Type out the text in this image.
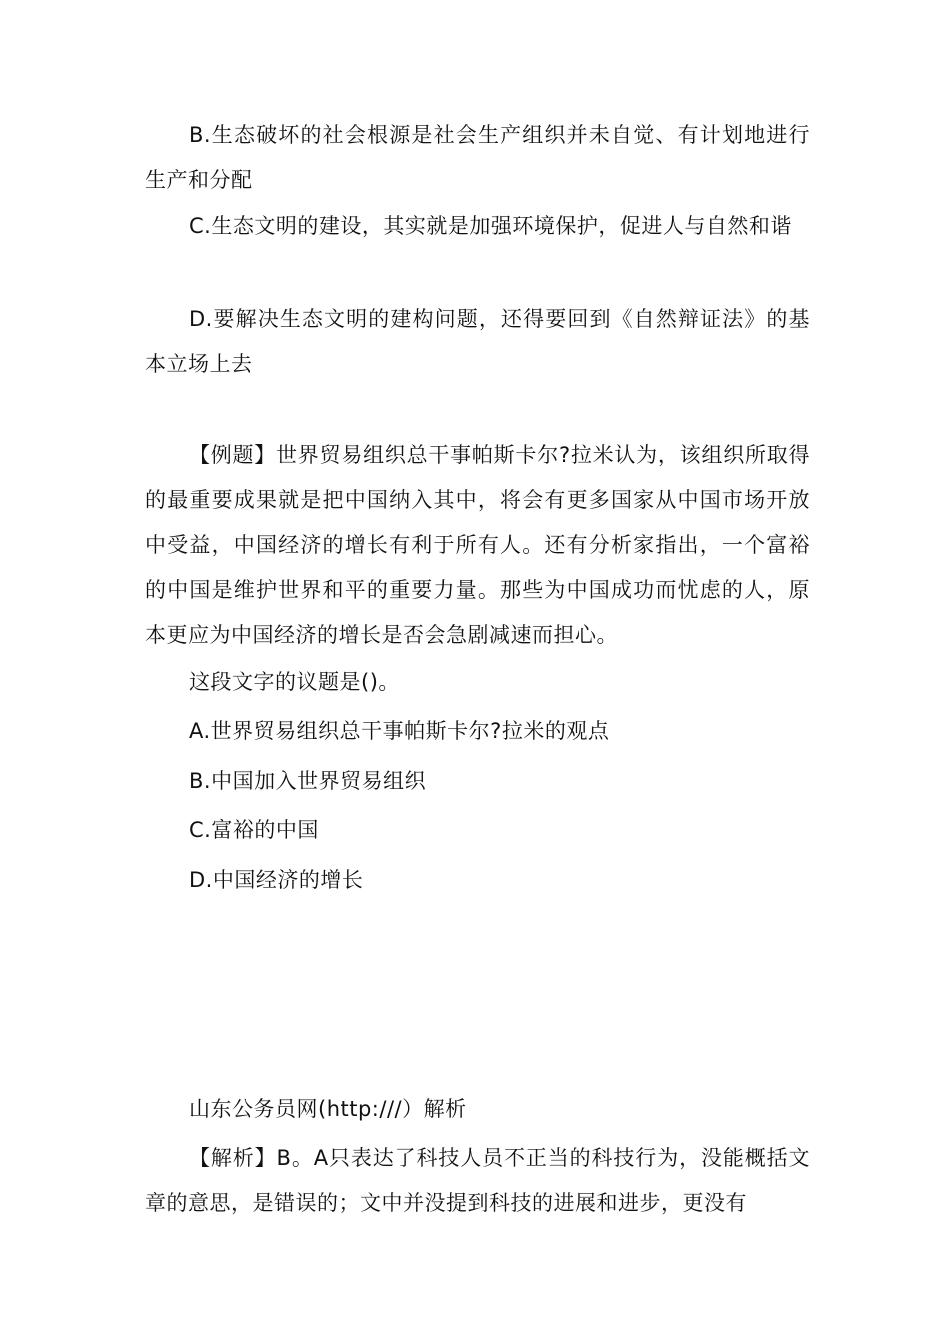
B.生态破坏的社会根源是社会生产组织并未自觉、有计划地进行生产和分配

C.生态文明的建设，其实就是加强环境保护，促进人与自然和谐

D.要解决生态文明的建构问题，还得要回到《自然辩证法》的基本立场上去

【例题】世界贸易组织总干事帕斯卡尔?拉米认为，该组织所取得的最重要成果就是把中国纳入其中，将会有更多国家从中国市场开放中受益，中国经济的增长有利于所有人。还有分析家指出，一个富裕的中国是维护世界和平的重要力量。那些为中国成功而忧虑的人，原本更应为中国经济的增长是否会急剧减速而担心。

这段文字的议题是()。

A.世界贸易组织总干事帕斯卡尔?拉米的观点

B.中国加入世界贸易组织

C.富裕的中国

D.中国经济的增长

山东公务员网(http:///）解析

【解析】B。A只表达了科技人员不正当的科技行为，没能概括文章的意思，是错误的；文中并没提到科技的进展和进步，更没有
